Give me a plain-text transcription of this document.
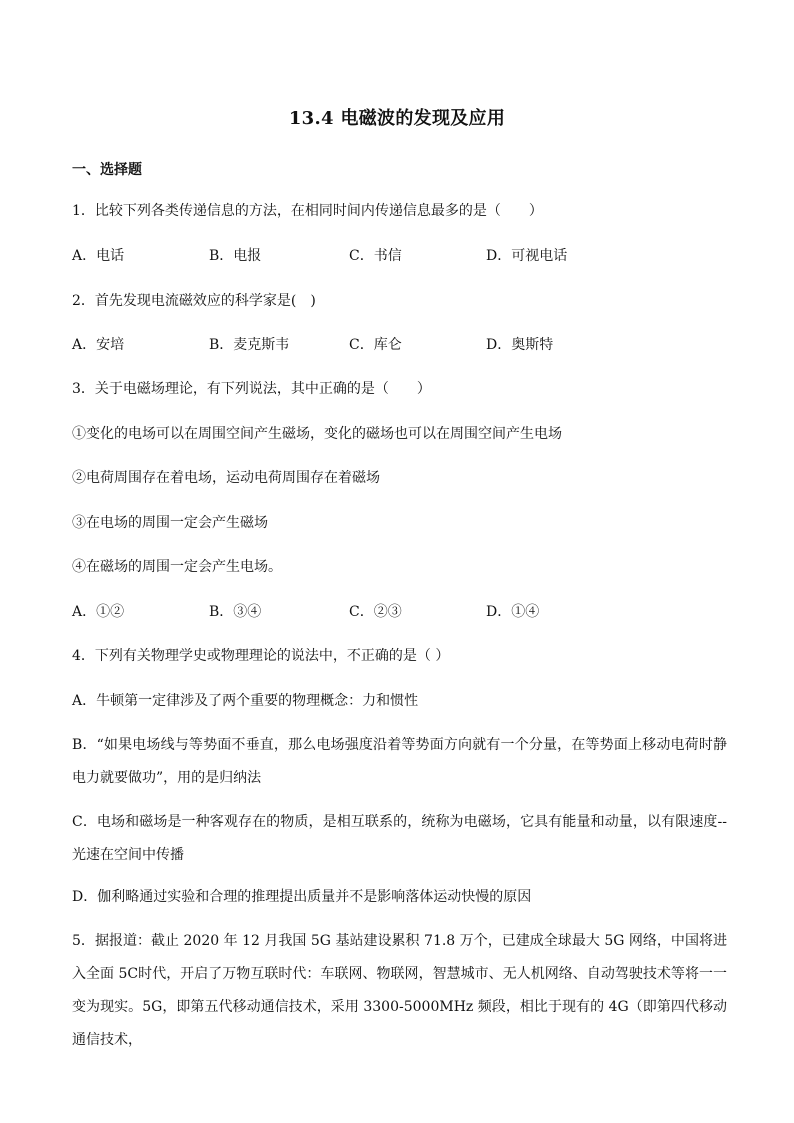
13.4 电磁波的发现及应用
一、选择题
1．比较下列各类传递信息的方法，在相同时间内传递信息最多的是（　　）
A．电话	B．电报	C．书信	D．可视电话
2．首先发现电流磁效应的科学家是(　)
A．安培	B．麦克斯韦	C．库仑	D．奥斯特
3．关于电磁场理论，有下列说法，其中正确的是（　　）
①变化的电场可以在周围空间产生磁场，变化的磁场也可以在周围空间产生电场
②电荷周围存在着电场，运动电荷周围存在着磁场
③在电场的周围一定会产生磁场
④在磁场的周围一定会产生电场。
A．①②	B．③④	C．②③	D．①④
4．下列有关物理学史或物理理论的说法中，不正确的是（ ）
A．牛顿第一定律涉及了两个重要的物理概念：力和惯性
B．“如果电场线与等势面不垂直，那么电场强度沿着等势面方向就有一个分量，在等势面上移动电荷时静电力就要做功”，用的是归纳法
C．电场和磁场是一种客观存在的物质，是相互联系的，统称为电磁场，它具有能量和动量，以有限速度--光速在空间中传播
D．伽利略通过实验和合理的推理提出质量并不是影响落体运动快慢的原因
5．据报道：截止 2020 年 12 月我国 5G 基站建设累积 71.8 万个，已建成全球最大 5G 网络，中国将进入全面 5C时代，开启了万物互联时代：车联网、物联网，智慧城市、无人机网络、自动驾驶技术等将一一变为现实。5G，即第五代移动通信技术，采用 3300-5000MHz 频段，相比于现有的 4G（即第四代移动通信技术，
